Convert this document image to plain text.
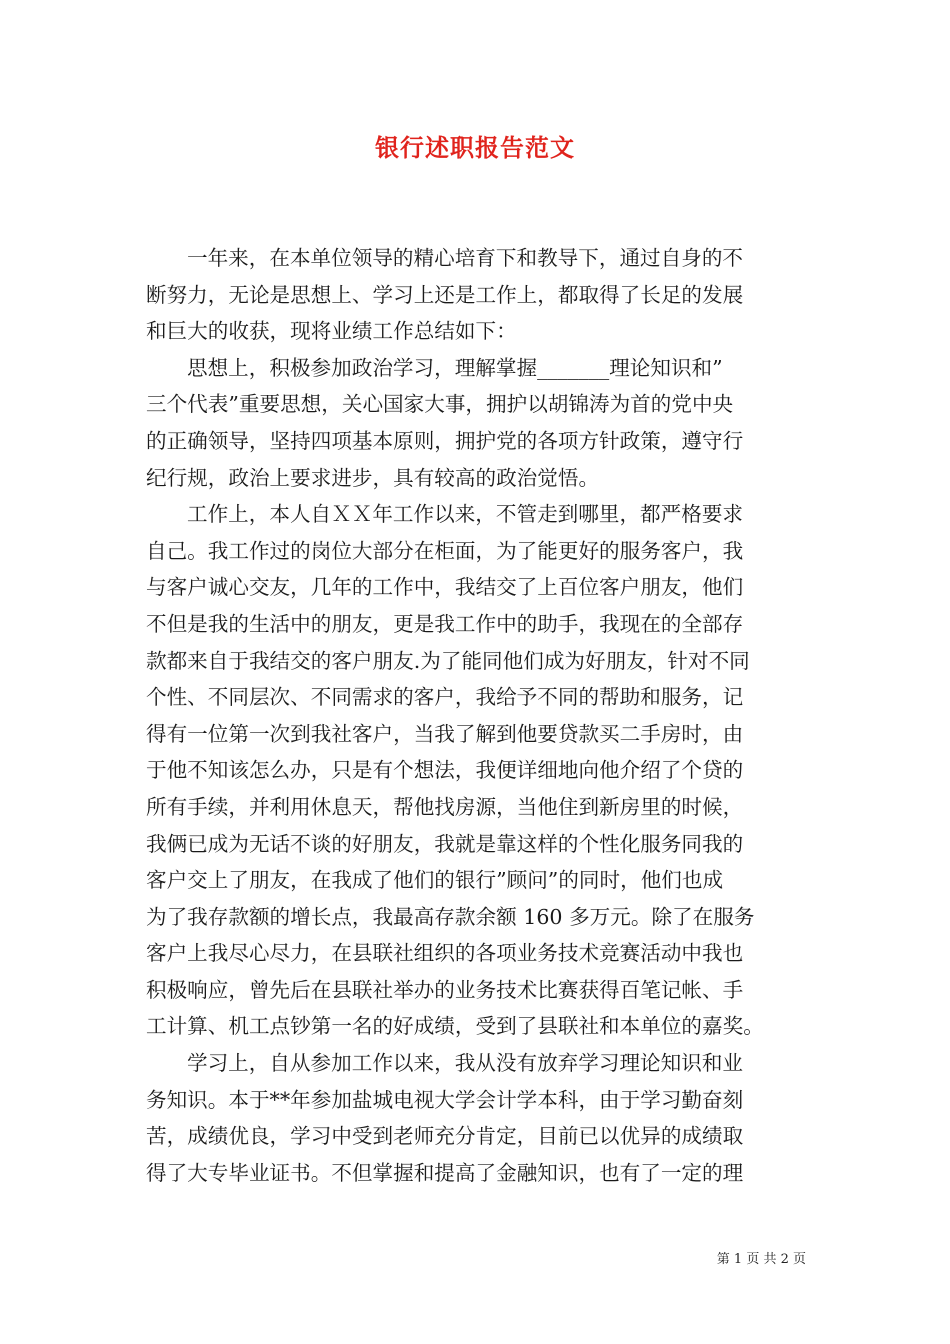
银行述职报告范文

一年来，在本单位领导的精心培育下和教导下，通过自身的不
断努力，无论是思想上、学习上还是工作上，都取得了长足的发展
和巨大的收获，现将业绩工作总结如下：

思想上，积极参加政治学习，理解掌握_______理论知识和”
三个代表”重要思想，关心国家大事，拥护以胡锦涛为首的党中央
的正确领导，坚持四项基本原则，拥护党的各项方针政策，遵守行
纪行规，政治上要求进步，具有较高的政治觉悟。

工作上，本人自ＸＸ年工作以来，不管走到哪里，都严格要求
自己。我工作过的岗位大部分在柜面，为了能更好的服务客户，我
与客户诚心交友，几年的工作中，我结交了上百位客户朋友，他们
不但是我的生活中的朋友，更是我工作中的助手，我现在的全部存
款都来自于我结交的客户朋友.为了能同他们成为好朋友，针对不同
个性、不同层次、不同需求的客户，我给予不同的帮助和服务，记
得有一位第一次到我社客户，当我了解到他要贷款买二手房时，由
于他不知该怎么办，只是有个想法，我便详细地向他介绍了个贷的
所有手续，并利用休息天，帮他找房源，当他住到新房里的时候，
我俩已成为无话不谈的好朋友，我就是靠这样的个性化服务同我的
客户交上了朋友，在我成了他们的银行”顾问”的同时，他们也成
为了我存款额的增长点，我最高存款余额 160 多万元。除了在服务
客户上我尽心尽力，在县联社组织的各项业务技术竞赛活动中我也
积极响应，曾先后在县联社举办的业务技术比赛获得百笔记帐、手
工计算、机工点钞第一名的好成绩，受到了县联社和本单位的嘉奖。

学习上，自从参加工作以来，我从没有放弃学习理论知识和业
务知识。本于**年参加盐城电视大学会计学本科，由于学习勤奋刻
苦，成绩优良，学习中受到老师充分肯定，目前已以优异的成绩取
得了大专毕业证书。不但掌握和提高了金融知识，也有了一定的理

第 1 页 共 2 页
